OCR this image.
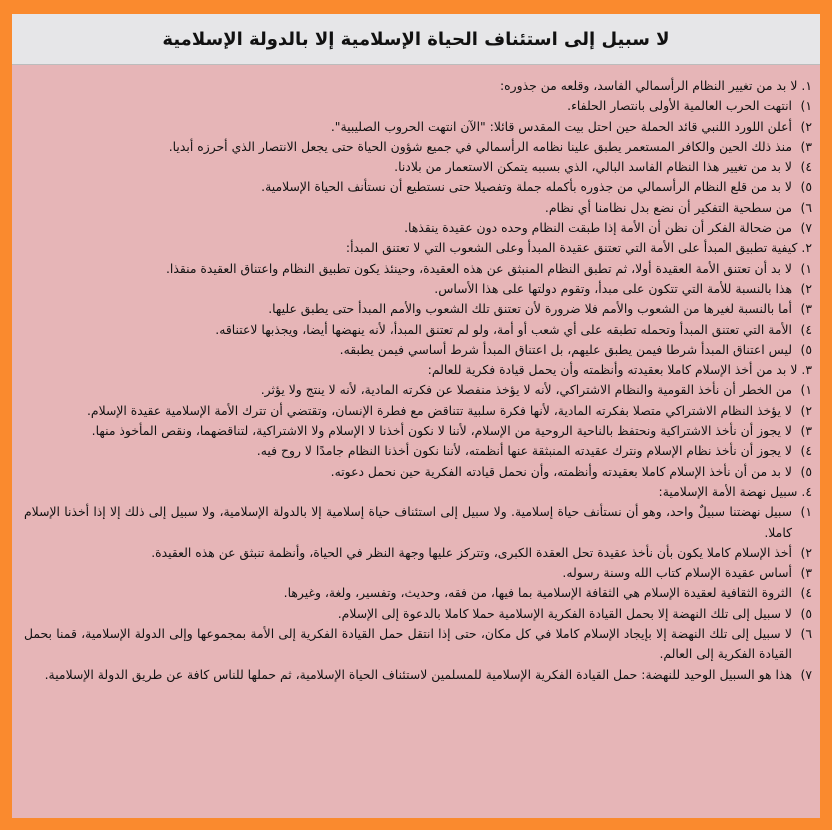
لا سبيل إلى استئناف الحياة الإسلامية إلا بالدولة الإسلامية
١.لا بد من تغيير النظام الرأسمالي الفاسد، وقلعه من جذوره:
١)
انتهت الحرب العالمية الأولى بانتصار الحلفاء.
٢)
أعلن اللورد اللنبي قائد الحملة حين احتل بيت المقدس قائلا: "الآن انتهت الحروب الصليبية".
٣)
منذ ذلك الحين والكافر المستعمر يطبق علينا نظامه الرأسمالي في جميع شؤون الحياة حتى يجعل الانتصار الذي أحرزه أبديا.
٤)
لا بد من تغيير هذا النظام الفاسد البالي، الذي بسببه يتمكن الاستعمار من بلادنا.
٥)
لا بد من قلع النظام الرأسمالي من جذوره بأكمله جملة وتفصيلا حتى نستطيع أن نستأنف الحياة الإسلامية.
٦)
من سطحية التفكير أن نضع بدل نظامنا أي نظام.
٧)
من ضحالة الفكر أن نظن أن الأمة إذا طبقت النظام وحده دون عقيدة ينقذها.
٢.كيفية تطبيق المبدأ على الأمة التي تعتنق عقيدة المبدأ وعلى الشعوب التي لا تعتنق المبدأ:
١)
لا بد أن تعتنق الأمة العقيدة أولا، ثم تطبق النظام المنبثق عن هذه العقيدة، وحينئذ يكون تطبيق النظام واعتناق العقيدة منقذا.
٢)
هذا بالنسبة للأمة التي تتكون على مبدأ، وتقوم دولتها على هذا الأساس.
٣)
أما بالنسبة لغيرها من الشعوب والأمم فلا ضرورة لأن تعتنق تلك الشعوب والأمم المبدأ حتى يطبق عليها.
٤)
الأمة التي تعتنق المبدأ وتحمله تطبقه على أي شعب أو أمة، ولو لم تعتنق المبدأ، لأنه ينهضها أيضا، ويجذبها لاعتناقه.
٥)
ليس اعتناق المبدأ شرطا فيمن يطبق عليهم، بل اعتناق المبدأ شرط أساسي فيمن يطبقه.
٣.لا بد من أخذ الإسلام كاملا بعقيدته وأنظمته وأن يحمل قيادة فكرية للعالم:
١)
من الخطر أن نأخذ القومية والنظام الاشتراكي، لأنه لا يؤخذ منفصلا عن فكرته المادية، لأنه لا ينتج ولا يؤثر.
٢)
لا يؤخذ النظام الاشتراكي متصلا بفكرته المادية، لأنها فكرة سلبية تتناقض مع فطرة الإنسان، وتقتضي أن تترك الأمة الإسلامية عقيدة الإسلام.
٣)
لا يجوز أن نأخذ الاشتراكية ونحتفظ بالناحية الروحية من الإسلام، لأننا لا نكون أخذنا لا الإسلام ولا الاشتراكية، لتناقضهما، ونقص المأخوذ منها.
٤)
لا يجوز أن نأخذ نظام الإسلام ونترك عقيدته المنبثقة عنها أنظمته، لأننا نكون أخذنا النظام جامدًا لا روح فيه.
٥)
لا بد من أن نأخذ الإسلام كاملا بعقيدته وأنظمته، وأن نحمل قيادته الفكرية حين نحمل دعوته.
٤.سبيل نهضة الأمة الإسلامية:
١)
سبيل نهضتنا سبيلٌ واحد، وهو أن نستأنف حياة إسلامية. ولا سبيل إلى استئناف حياة إسلامية إلا بالدولة الإسلامية، ولا سبيل إلى ذلك إلا إذا أخذنا الإسلام كاملا.
٢)
أخذ الإسلام كاملا يكون بأن نأخذ عقيدة تحل العقدة الكبرى، وتتركز عليها وجهة النظر في الحياة، وأنظمة تنبثق عن هذه العقيدة.
٣)
أساس عقيدة الإسلام كتاب الله وسنة رسوله.
٤)
الثروة الثقافية لعقيدة الإسلام هي الثقافة الإسلامية بما فيها، من فقه، وحديث، وتفسير، ولغة، وغيرها.
٥)
لا سبيل إلى تلك النهضة إلا بحمل القيادة الفكرية الإسلامية حملا كاملا بالدعوة إلى الإسلام.
٦)
لا سبيل إلى تلك النهضة إلا بإيجاد الإسلام كاملا في كل مكان، حتى إذا انتقل حمل القيادة الفكرية إلى الأمة بمجموعها وإلى الدولة الإسلامية، قمنا بحمل القيادة الفكرية إلى العالم.
٧)
هذا هو السبيل الوحيد للنهضة: حمل القيادة الفكرية الإسلامية للمسلمين لاستئناف الحياة الإسلامية، ثم حملها للناس كافة عن طريق الدولة الإسلامية.
